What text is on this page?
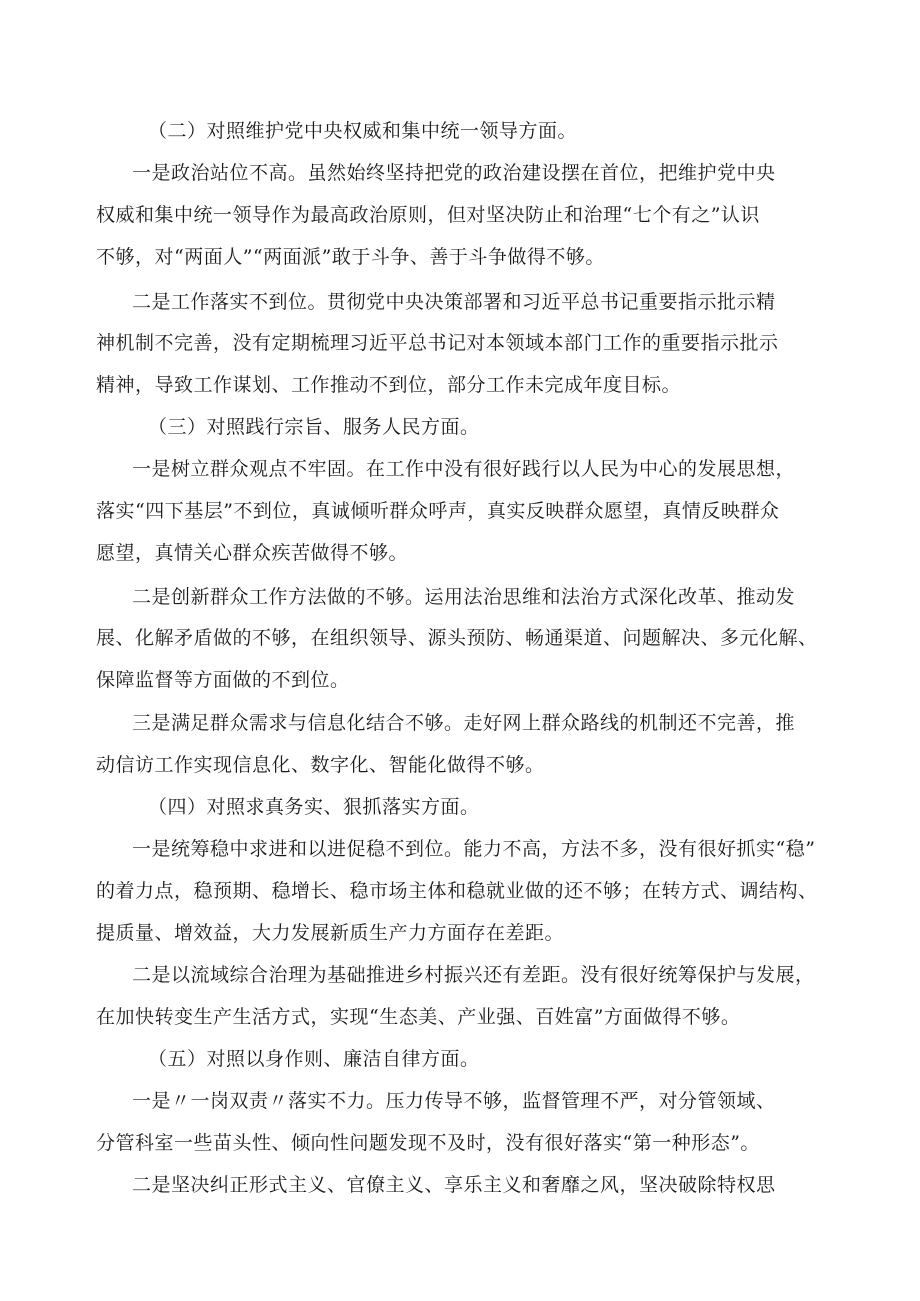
（二）对照维护党中央权威和集中统一领导方面。

一是政治站位不高。虽然始终坚持把党的政治建设摆在首位，把维护党中央

权威和集中统一领导作为最高政治原则，但对坚决防止和治理“七个有之”认识

不够，对“两面人”“两面派”敢于斗争、善于斗争做得不够。

二是工作落实不到位。贯彻党中央决策部署和习近平总书记重要指示批示精

神机制不完善，没有定期梳理习近平总书记对本领域本部门工作的重要指示批示

精神，导致工作谋划、工作推动不到位，部分工作未完成年度目标。

（三）对照践行宗旨、服务人民方面。

一是树立群众观点不牢固。在工作中没有很好践行以人民为中心的发展思想，

落实“四下基层”不到位，真诚倾听群众呼声，真实反映群众愿望，真情反映群众

愿望，真情关心群众疾苦做得不够。

二是创新群众工作方法做的不够。运用法治思维和法治方式深化改革、推动发

展、化解矛盾做的不够，在组织领导、源头预防、畅通渠道、问题解决、多元化解、

保障监督等方面做的不到位。

三是满足群众需求与信息化结合不够。走好网上群众路线的机制还不完善，推

动信访工作实现信息化、数字化、智能化做得不够。

（四）对照求真务实、狠抓落实方面。

一是统筹稳中求进和以进促稳不到位。能力不高，方法不多，没有很好抓实“稳”

的着力点，稳预期、稳增长、稳市场主体和稳就业做的还不够；在转方式、调结构、

提质量、增效益，大力发展新质生产力方面存在差距。

二是以流域综合治理为基础推进乡村振兴还有差距。没有很好统筹保护与发展，

在加快转变生产生活方式，实现“生态美、产业强、百姓富”方面做得不够。

（五）对照以身作则、廉洁自律方面。

一是〃一岗双责〃落实不力。压力传导不够，监督管理不严，对分管领域、

分管科室一些苗头性、倾向性问题发现不及时，没有很好落实“第一种形态”。

二是坚决纠正形式主义、官僚主义、享乐主义和奢靡之风，坚决破除特权思
